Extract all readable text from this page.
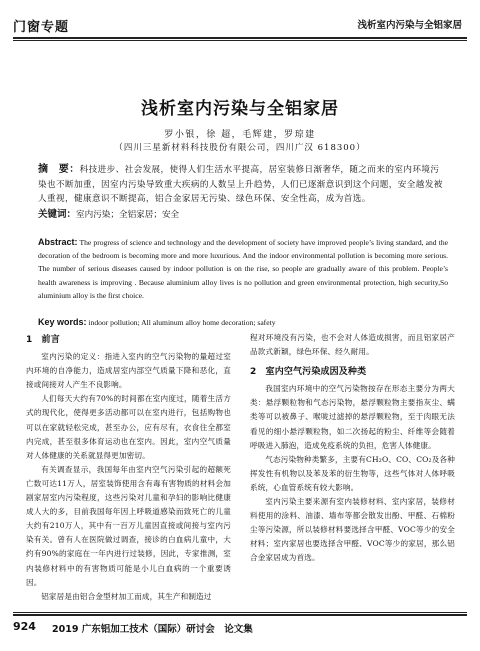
门窗专题	浅析室内污染与全铝家居
浅析室内污染与全铝家居
罗小银，徐 超，毛辉建，罗琼建
（四川三星新材料科技股份有限公司，四川广汉 618300）
摘　要：科技进步、社会发展，使得人们生活水平提高，居室装修日渐奢华，随之而来的室内环境污染也不断加重，因室内污染导致重大疾病的人数呈上升趋势，人们已逐渐意识到这个问题，安全越发被人重视，健康意识不断提高，铝合金家居无污染、绿色环保、安全性高，成为首选。
关键词：室内污染；全铝家居；安全
Abstract: The progress of science and technology and the development of society have improved people’s living standard, and the decoration of the bedroom is becoming more and more luxurious. And the indoor environmental pollution is becoming more serious. The number of serious diseases caused by indoor pollution is on the rise, so people are gradually aware of this problem. People’s health awareness is improving . Because aluminium alloy lives is no pollution and green environmental protection, high security,So aluminium alloy is the first choice.
Key words: indoor pollution; All aluminum alloy home decoration; safety
1　前言

室内污染的定义：指进入室内的空气污染物的量超过室内环境的自净能力，造成居室内部空气质量下降和恶化，直接或间接对人产生不良影响。

人们每天大约有70%的时间都在室内度过，随着生活方式的现代化，使得更多活动都可以在室内进行，包括购物也可以在家就轻松完成，甚至办公，应有尽有，衣食住全都室内完成，甚至很多体育运动也在室内。因此，室内空气质量对人体健康的关系就显得更加密切。

有关调查显示，我国每年由室内空气污染引起的超额死亡数可达11万人，居室装饰使用含有毒有害物质的材料会加剧家居室内污染程度，这些污染对儿童和孕妇的影响比健康成人大的多，目前我国每年因上呼吸道感染而致死亡的儿童大约有210万人，其中有一百万儿童因直接或间接与室内污染有关。曾有人在医院做过调查，接诊的白血病儿童中，大约有90%的家庭在一年内进行过装修，因此，专家推测，室内装修材料中的有害物质可能是小儿白血病的一个重要诱因。

铝家居是由铝合金型材加工而成，其生产和制造过

程对环境没有污染，也不会对人体造成损害，而且铝家居产品款式新颖，绿色环保、经久耐用。

2　室内空气污染成因及种类

我国室内环境中的空气污染物按存在形态主要分为两大类：悬浮颗粒物和气态污染物，悬浮颗粒物主要指灰尘、螨类等可以被鼻子、喉咙过滤掉的悬浮颗粒物，至于肉眼无法看见的细小悬浮颗粒物，如二次扬起的粉尘、纤维等会随着呼吸进入肺泡，造成免疫系统的负担，危害人体健康。

气态污染物种类繁多，主要有CH₂O、CO、CO₂及各种挥发性有机物以及苯及苯的衍生物等，这些气体对人体呼吸系统，心血管系统有较大影响。

室内污染主要来源有室内装修材料、室内家居，装修材料使用的涂料、油漆、墙布等都会散发出酚、甲醛、石棉粉尘等污染源，所以装修材料要选择含甲醛、VOC等少的安全材料；室内家居也要选择含甲醛、VOC等少的家居，那么铝合金家居成为首选。

924 2019 广东铝加工技术（国际）研讨会　论文集
